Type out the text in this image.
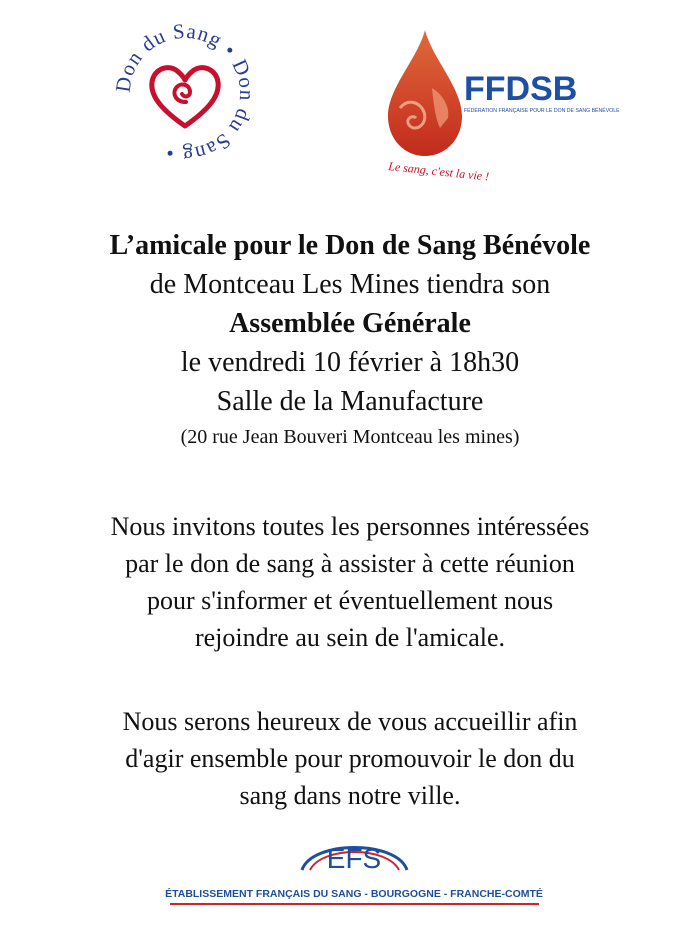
Don du Sang • Don du Sang •
FFDSB
FÉDÉRATION FRANÇAISE POUR LE DON DE SANG BÉNÉVOLE
Le sang, c'est la vie !
L’amicale pour le Don de Sang Bénévole
de Montceau Les Mines tiendra son
Assemblée Générale
le vendredi 10 février à 18h30
Salle de la Manufacture
(20 rue Jean Bouveri Montceau les mines)
Nous invitons toutes les personnes intéressées
par le don de sang à assister à cette réunion
pour s'informer et éventuellement nous
rejoindre au sein de l'amicale.
Nous serons heureux de vous accueillir afin
d'agir ensemble pour promouvoir le don du
sang dans notre ville.
EFS
ÉTABLISSEMENT FRANÇAIS DU SANG - BOURGOGNE - FRANCHE-COMTÉ
